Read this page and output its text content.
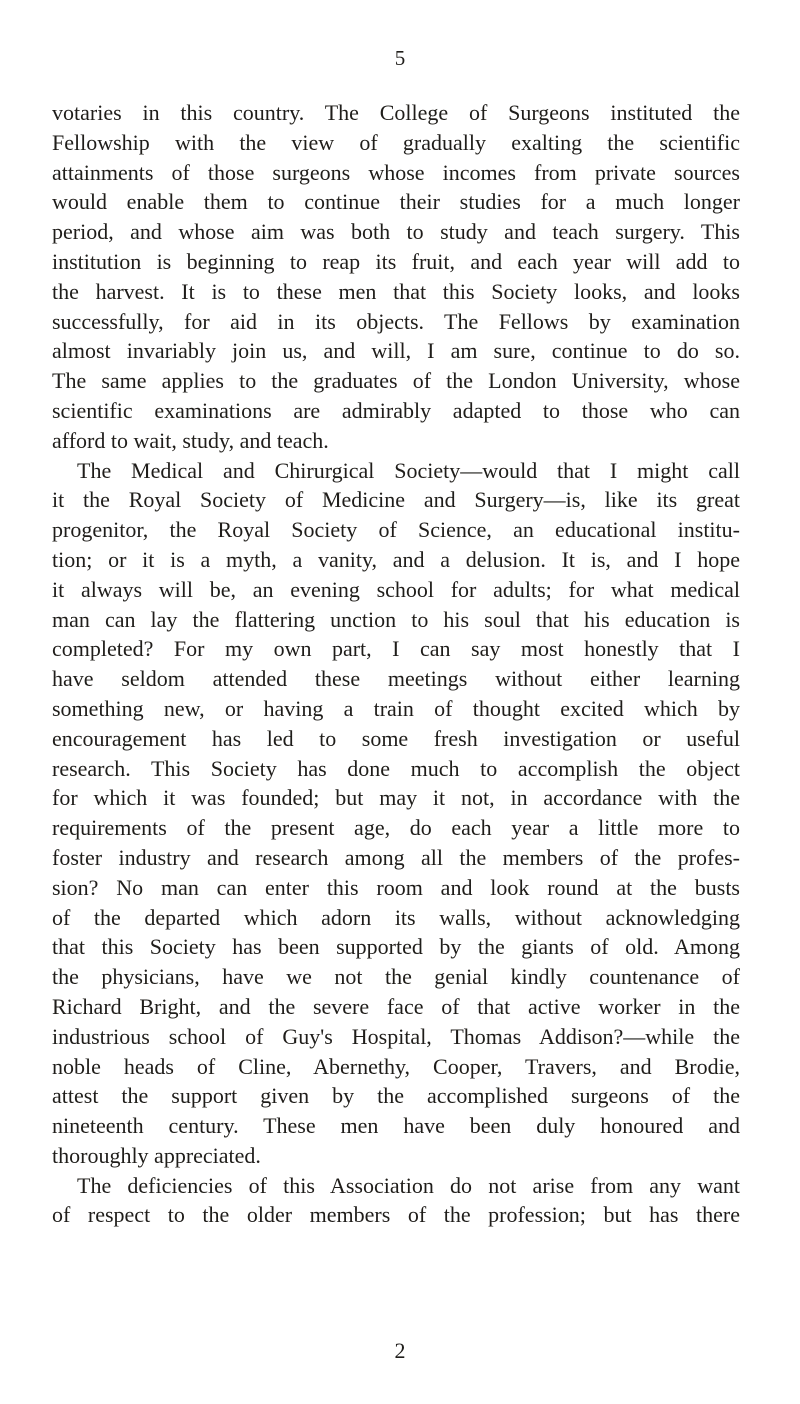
5
votaries in this country. The College of Surgeons instituted the
Fellowship with the view of gradually exalting the scientific
attainments of those surgeons whose incomes from private sources
would enable them to continue their studies for a much longer
period, and whose aim was both to study and teach surgery. This
institution is beginning to reap its fruit, and each year will add to
the harvest. It is to these men that this Society looks, and looks
successfully, for aid in its objects. The Fellows by examination
almost invariably join us, and will, I am sure, continue to do so.
The same applies to the graduates of the London University, whose
scientific examinations are admirably adapted to those who can
afford to wait, study, and teach.
The Medical and Chirurgical Society—would that I might call
it the Royal Society of Medicine and Surgery—is, like its great
progenitor, the Royal Society of Science, an educational institu-
tion; or it is a myth, a vanity, and a delusion. It is, and I hope
it always will be, an evening school for adults; for what medical
man can lay the flattering unction to his soul that his education is
completed? For my own part, I can say most honestly that I
have seldom attended these meetings without either learning
something new, or having a train of thought excited which by
encouragement has led to some fresh investigation or useful
research. This Society has done much to accomplish the object
for which it was founded; but may it not, in accordance with the
requirements of the present age, do each year a little more to
foster industry and research among all the members of the profes-
sion? No man can enter this room and look round at the busts
of the departed which adorn its walls, without acknowledging
that this Society has been supported by the giants of old. Among
the physicians, have we not the genial kindly countenance of
Richard Bright, and the severe face of that active worker in the
industrious school of Guy's Hospital, Thomas Addison?—while the
noble heads of Cline, Abernethy, Cooper, Travers, and Brodie,
attest the support given by the accomplished surgeons of the
nineteenth century. These men have been duly honoured and
thoroughly appreciated.
The deficiencies of this Association do not arise from any want
of respect to the older members of the profession; but has there
2
